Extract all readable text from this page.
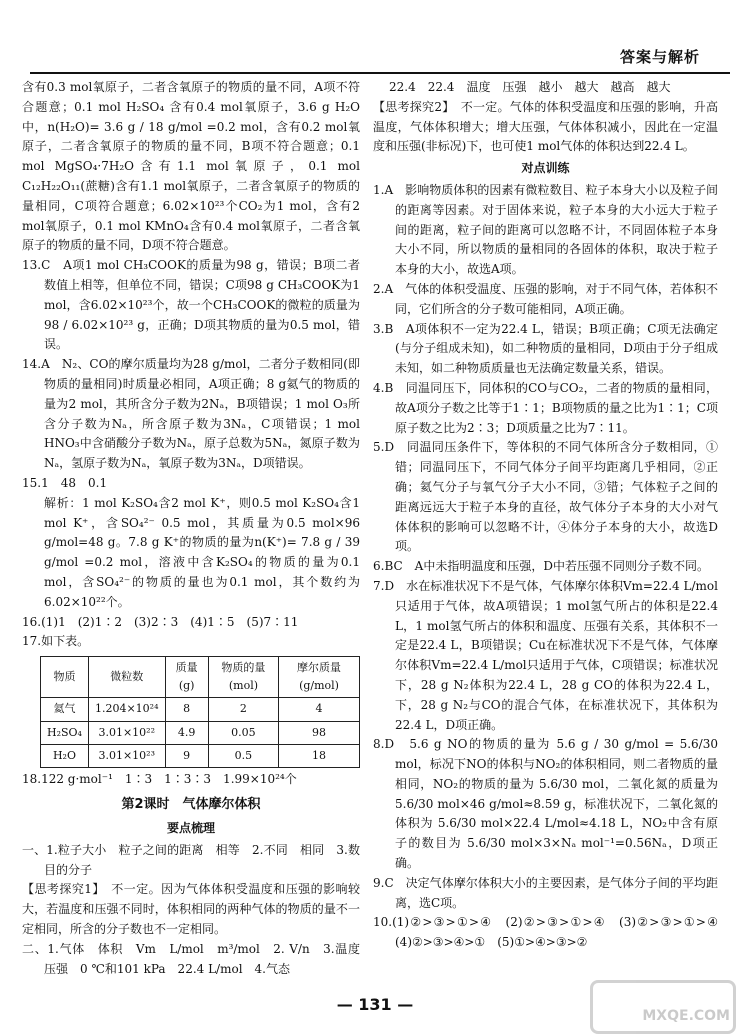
答案与解析

含有0.3 mol氧原子，二者含氧原子的物质的量不同，A项不符合题意；0.1 mol H₂SO₄ 含有0.4 mol氧原子，3.6 g H₂O中，n(H₂O)= 3.6 g / 18 g/mol =0.2 mol，含有0.2 mol氧原子，二者含氧原子的物质的量不同，B项不符合题意；0.1 mol MgSO₄·7H₂O含有1.1 mol氧原子，0.1 mol C₁₂H₂₂O₁₁(蔗糖)含有1.1 mol氧原子，二者含氧原子的物质的量相同，C项符合题意；6.02×10²³个CO₂为1 mol，含有2 mol氧原子，0.1 mol KMnO₄含有0.4 mol氧原子，二者含氧原子的物质的量不同，D项不符合题意。

13.C　A项1 mol CH₃COOK的质量为98 g，错误；B项二者数值上相等，但单位不同，错误；C项98 g CH₃COOK为1 mol，含6.02×10²³个，故一个CH₃COOK的微粒的质量为 98 / 6.02×10²³ g，正确；D项其物质的量为0.5 mol，错误。

14.A　N₂、CO的摩尔质量均为28 g/mol，二者分子数相同(即物质的量相同)时质量必相同，A项正确；8 g氦气的物质的量为2 mol，其所含分子数为2Nₐ，B项错误；1 mol O₃所含分子数为Nₐ，所含原子数为3Nₐ，C项错误；1 mol HNO₃中含硝酸分子数为Nₐ，原子总数为5Nₐ，氮原子数为Nₐ，氢原子数为Nₐ，氧原子数为3Nₐ，D项错误。

15.1　48　0.1

解析：1 mol K₂SO₄含2 mol K⁺，则0.5 mol K₂SO₄含1 mol K⁺，含SO₄²⁻ 0.5 mol，其质量为0.5 mol×96 g/mol=48 g。7.8 g K⁺的物质的量为n(K⁺)= 7.8 g / 39 g/mol =0.2 mol，溶液中含K₂SO₄的物质的量为0.1 mol，含SO₄²⁻的物质的量也为0.1 mol，其个数约为6.02×10²²个。

16.(1)1　(2)1∶2　(3)2∶3　(4)1∶5　(5)7∶11

17.如下表。

物质	微粒数	质量(g)	物质的量(mol)	摩尔质量(g/mol)
氦气	1.204×10²⁴	8	2	4
H₂SO₄	3.01×10²²	4.9	0.05	98
H₂O	3.01×10²³	9	0.5	18

18.122 g·mol⁻¹　1∶3　1∶3∶3　1.99×10²⁴个

第2课时　气体摩尔体积
要点梳理

一、1.粒子大小　粒子之间的距离　相等　2.不同　相同　3.数目的分子

【思考探究1】　不一定。因为气体体积受温度和压强的影响较大，若温度和压强不同时，体积相同的两种气体的物质的量不一定相同，所含的分子数也不一定相同。

二、1.气体　体积　Vm　L/mol　m³/mol　2. V/n　3.温度　压强　0 ℃和101 kPa　22.4 L/mol　4.气态

22.4　22.4　温度　压强　越小　越大　越高　越大

【思考探究2】　不一定。气体的体积受温度和压强的影响，升高温度，气体体积增大；增大压强，气体体积减小，因此在一定温度和压强(非标况)下，也可使1 mol气体的体积达到22.4 L。

对点训练

1.A　影响物质体积的因素有微粒数目、粒子本身大小以及粒子间的距离等因素。对于固体来说，粒子本身的大小远大于粒子间的距离，粒子间的距离可以忽略不计，不同固体粒子本身大小不同，所以物质的量相同的各固体的体积，取决于粒子本身的大小，故选A项。

2.A　气体的体积受温度、压强的影响，对于不同气体，若体积不同，它们所含的分子数可能相同，A项正确。

3.B　A项体积不一定为22.4 L，错误；B项正确；C项无法确定(与分子组成未知)，如二种物质的量相同，D项由于分子组成未知，如二种物质质量也无法确定数量关系，错误。

4.B　同温同压下，同体积的CO与CO₂，二者的物质的量相同，故A项分子数之比等于1∶1；B项物质的量之比为1∶1；C项原子数之比为2∶3；D项质量之比为7∶11。

5.D　同温同压条件下，等体积的不同气体所含分子数相同，①错；同温同压下，不同气体分子间平均距离几乎相同，②正确；氦气分子与氧气分子大小不同，③错；气体粒子之间的距离远远大于粒子本身的直径，故气体分子本身的大小对气体体积的影响可以忽略不计，④体分子本身的大小，故选D项。

6.BC　A中未指明温度和压强，D中若压强不同则分子数不同。

7.D　水在标准状况下不是气体，气体摩尔体积Vm=22.4 L/mol只适用于气体，故A项错误；1 mol氢气所占的体积是22.4 L，1 mol氢气所占的体积和温度、压强有关系，其体积不一定是22.4 L，B项错误；Cu在标准状况下不是气体，气体摩尔体积Vm=22.4 L/mol只适用于气体，C项错误；标准状况下，28 g N₂体积为22.4 L，28 g CO的体积为22.4 L，下，28 g N₂与CO的混合气体，在标准状况下，其体积为22.4 L，D项正确。

8.D　5.6 g NO的物质的量为 5.6 g / 30 g/mol = 5.6/30 mol，标况下NO的体积与NO₂的体积相同，则二者物质的量相同，NO₂的物质的量为 5.6/30 mol，二氧化氮的质量为 5.6/30 mol×46 g/mol≈8.59 g，标准状况下，二氧化氮的体积为 5.6/30 mol×22.4 L/mol≈4.18 L，NO₂中含有原子的数目为 5.6/30 mol×3×Nₐ mol⁻¹=0.56Nₐ，D项正确。

9.C　决定气体摩尔体积大小的主要因素，是气体分子间的平均距离，选C项。

10.(1)②>③>①>④　(2)②>③>①>④　(3)②>③>①>④　(4)②>③>④>①　(5)①>④>③>②

— 131 —
MXQE.COM
